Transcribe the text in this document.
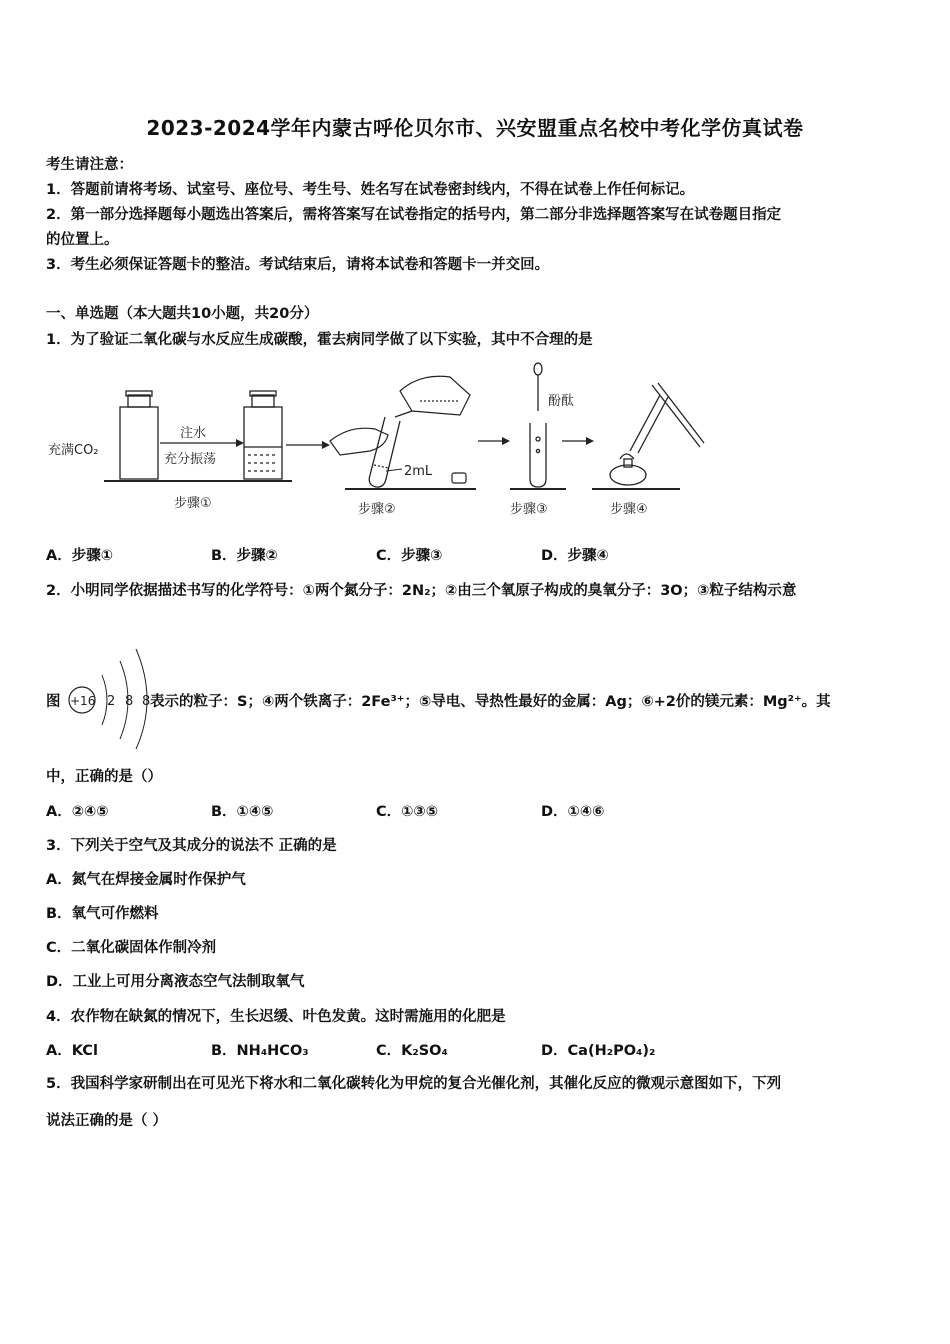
2023-2024学年内蒙古呼伦贝尔市、兴安盟重点名校中考化学仿真试卷
考生请注意：
1．答题前请将考场、试室号、座位号、考生号、姓名写在试卷密封线内，不得在试卷上作任何标记。
2．第一部分选择题每小题选出答案后，需将答案写在试卷指定的括号内，第二部分非选择题答案写在试卷题目指定
的位置上。
3．考生必须保证答题卡的整洁。考试结束后，请将本试卷和答题卡一并交回。
一、单选题（本大题共10小题，共20分）
1．为了验证二氧化碳与水反应生成碳酸，霍去病同学做了以下实验，其中不合理的是
充满CO₂
注水
充分振荡
步骤①
2mL
步骤②
酚酞
步骤③	步骤④
A．步骤①	B．步骤②	C．步骤③	D．步骤④
2．小明同学依据描述书写的化学符号：①两个氮分子：2N₂；②由三个氧原子构成的臭氧分子：3O；③粒子结构示意
图 +16 2 8 8 表示的粒子：S；④两个铁离子：2Fe³⁺；⑤导电、导热性最好的金属：Ag；⑥+2价的镁元素：Mg²⁺。其
中，正确的是（）
A．②④⑤	B．①④⑤	C．①③⑤	D．①④⑥
3．下列关于空气及其成分的说法不 正确的是
A．氮气在焊接金属时作保护气
B．氧气可作燃料
C．二氧化碳固体作制冷剂
D．工业上可用分离液态空气法制取氧气
4．农作物在缺氮的情况下，生长迟缓、叶色发黄。这时需施用的化肥是
A．KCl	B．NH₄HCO₃	C．K₂SO₄	D．Ca(H₂PO₄)₂
5．我国科学家研制出在可见光下将水和二氧化碳转化为甲烷的复合光催化剂，其催化反应的微观示意图如下，下列
说法正确的是（ ）
